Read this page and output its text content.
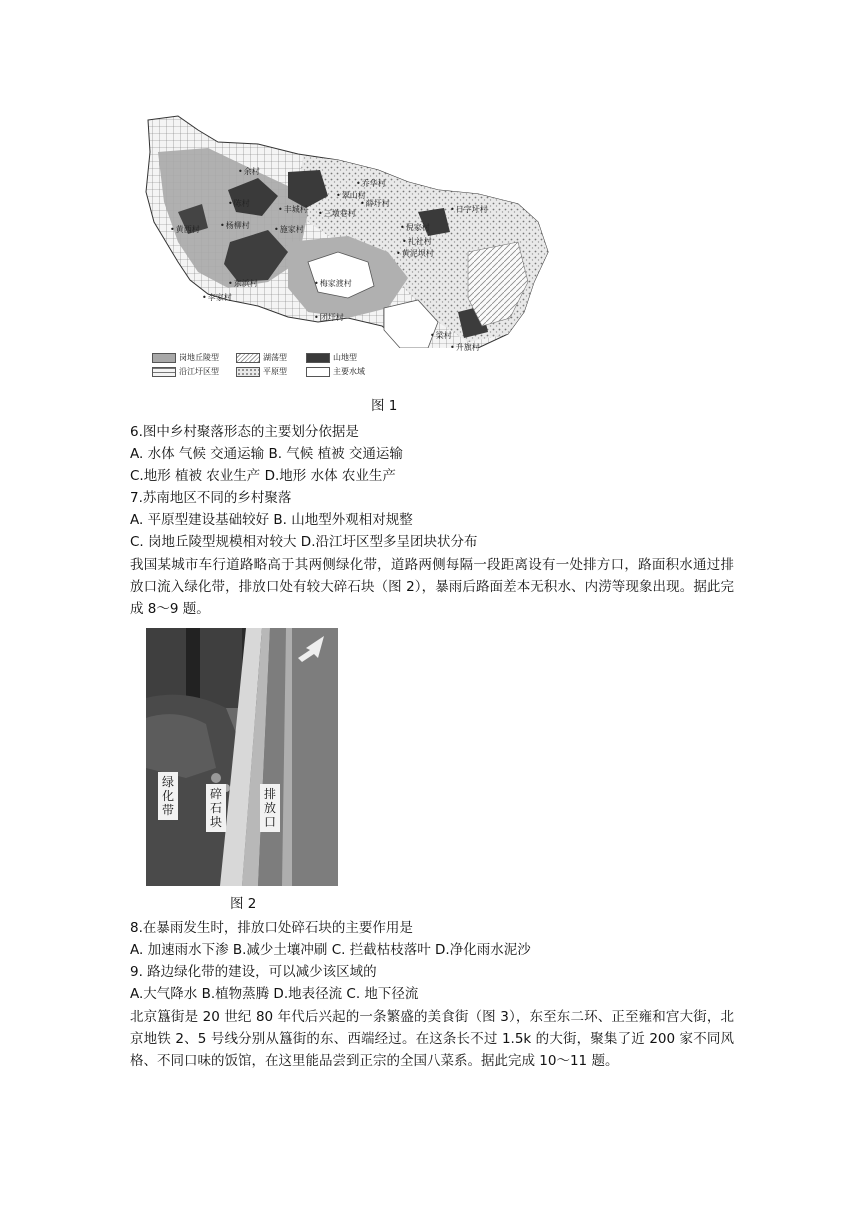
• 乔华村
• 翠山村
• 丰城村	• 三墩巷村
• 薛圩村
• 日字圩村
• 陈村
• 杨柳村
• 黄西村	• 倪家村
• 施家村
• 礼社村
• 黄泥坝村
• 梅家渡村
• 李家村
• 团圩村
• 升旗村
• 梁村
• 东浜村
• 余村
岗地丘陵型	湖荡型	山地型
沿江圩区型	平原型	主要水域
图 1
6.图中乡村聚落形态的主要划分依据是
A. 水体 气候 交通运输 B. 气候 植被 交通运输
C.地形 植被 农业生产 D.地形 水体 农业生产
7.苏南地区不同的乡村聚落
A. 平原型建设基础较好 B. 山地型外观相对规整
C. 岗地丘陵型规模相对较大 D.沿江圩区型多呈团块状分布
我国某城市车行道路略高于其两侧绿化带，道路两侧每隔一段距离设有一处排方口，路面积水通过排放口流入绿化带，排放口处有较大碎石块（图 2），暴雨后路面差本无积水、内涝等现象出现。据此完成 8～9 题。
绿化带
碎石块
排放口
图 2
8.在暴雨发生时，排放口处碎石块的主要作用是
A. 加速雨水下渗 B.减少土壤冲刷 C. 拦截枯枝落叶 D.净化雨水泥沙
9. 路边绿化带的建设，可以减少该区域的
A.大气降水 B.植物蒸腾 D.地表径流 C. 地下径流
北京簋街是 20 世纪 80 年代后兴起的一条繁盛的美食街（图 3），东至东二环、正至雍和宫大街，北京地铁 2、5 号线分别从簋街的东、西端经过。在这条长不过 1.5k 的大街，聚集了近 200 家不同风格、不同口味的饭馆，在这里能品尝到正宗的全国八菜系。据此完成 10～11 题。
